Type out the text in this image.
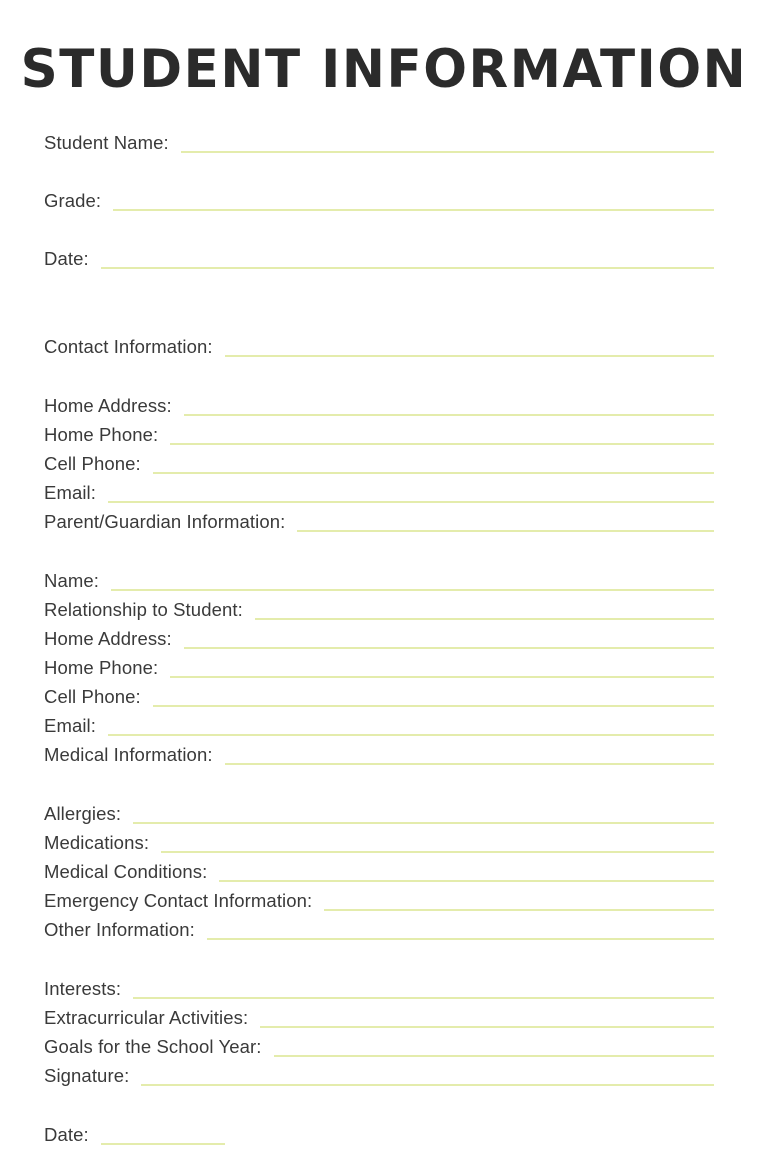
STUDENT INFORMATION
Student Name:
Grade:
Date:
Contact Information:
Home Address:
Home Phone:
Cell Phone:
Email:
Parent/Guardian Information:
Name:
Relationship to Student:
Home Address:
Home Phone:
Cell Phone:
Email:
Medical Information:
Allergies:
Medications:
Medical Conditions:
Emergency Contact Information:
Other Information:
Interests:
Extracurricular Activities:
Goals for the School Year:
Signature:
Date:
